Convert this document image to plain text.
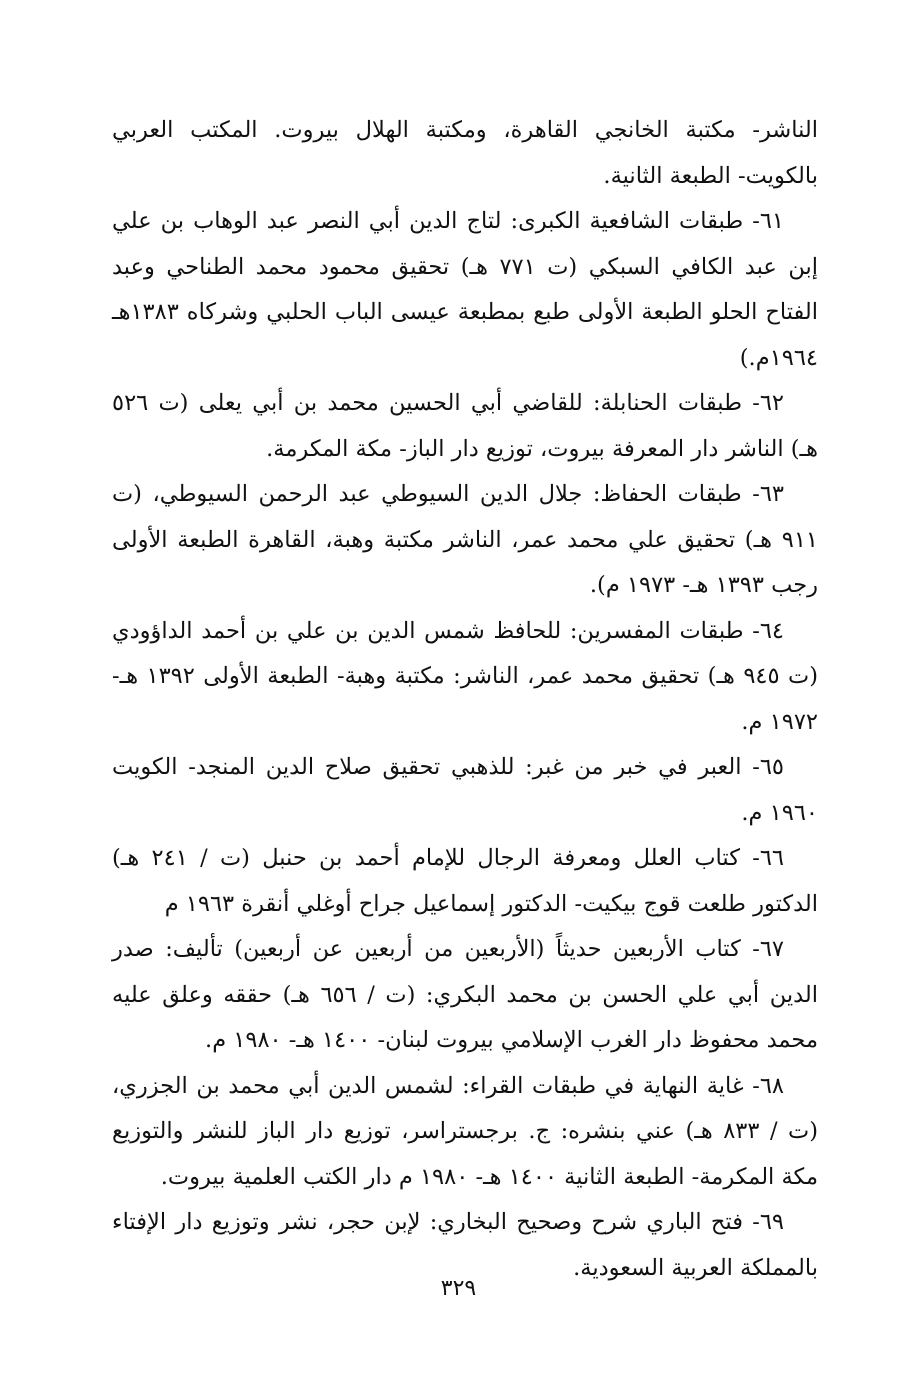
الناشر- مكتبة الخانجي القاهرة، ومكتبة الهلال بيروت. المكتب العربي بالكويت- الطبعة الثانية.

٦١- طبقات الشافعية الكبرى: لتاج الدين أبي النصر عبد الوهاب بن علي إبن عبد الكافي السبكي (ت ٧٧١ هـ) تحقيق محمود محمد الطناحي وعبد الفتاح الحلو الطبعة الأولى طبع بمطبعة عيسى الباب الحلبي وشركاه ١٣٨٣هـ ١٩٦٤م.)

٦٢- طبقات الحنابلة: للقاضي أبي الحسين محمد بن أبي يعلى (ت ٥٢٦ هـ) الناشر دار المعرفة بيروت، توزيع دار الباز- مكة المكرمة.

٦٣- طبقات الحفاظ: جلال الدين السيوطي عبد الرحمن السيوطي، (ت ٩١١ هـ) تحقيق علي محمد عمر، الناشر مكتبة وهبة، القاهرة الطبعة الأولى رجب ١٣٩٣ هـ- ١٩٧٣ م).

٦٤- طبقات المفسرين: للحافظ شمس الدين بن علي بن أحمد الداؤودي (ت ٩٤٥ هـ) تحقيق محمد عمر، الناشر: مكتبة وهبة- الطبعة الأولى ١٣٩٢ هـ- ١٩٧٢ م.

٦٥- العبر في خبر من غبر: للذهبي تحقيق صلاح الدين المنجد- الكويت ١٩٦٠ م.

٦٦- كتاب العلل ومعرفة الرجال للإمام أحمد بن حنبل (ت / ٢٤١ هـ) الدكتور طلعت قوج بيكيت- الدكتور إسماعيل جراح أوغلي أنقرة ١٩٦٣ م

٦٧- كتاب الأربعين حديثاً (الأربعين من أربعين عن أربعين) تأليف: صدر الدين أبي علي الحسن بن محمد البكري: (ت / ٦٥٦ هـ) حققه وعلق عليه محمد محفوظ دار الغرب الإسلامي بيروت لبنان- ١٤٠٠ هـ- ١٩٨٠ م.

٦٨- غاية النهاية في طبقات القراء: لشمس الدين أبي محمد بن الجزري، (ت / ٨٣٣ هـ) عني بنشره: ج. برجستراسر، توزيع دار الباز للنشر والتوزيع مكة المكرمة- الطبعة الثانية ١٤٠٠ هـ- ١٩٨٠ م دار الكتب العلمية بيروت.

٦٩- فتح الباري شرح وصحيح البخاري: لإبن حجر، نشر وتوزيع دار الإفتاء بالمملكة العربية السعودية.

٣٢٩
